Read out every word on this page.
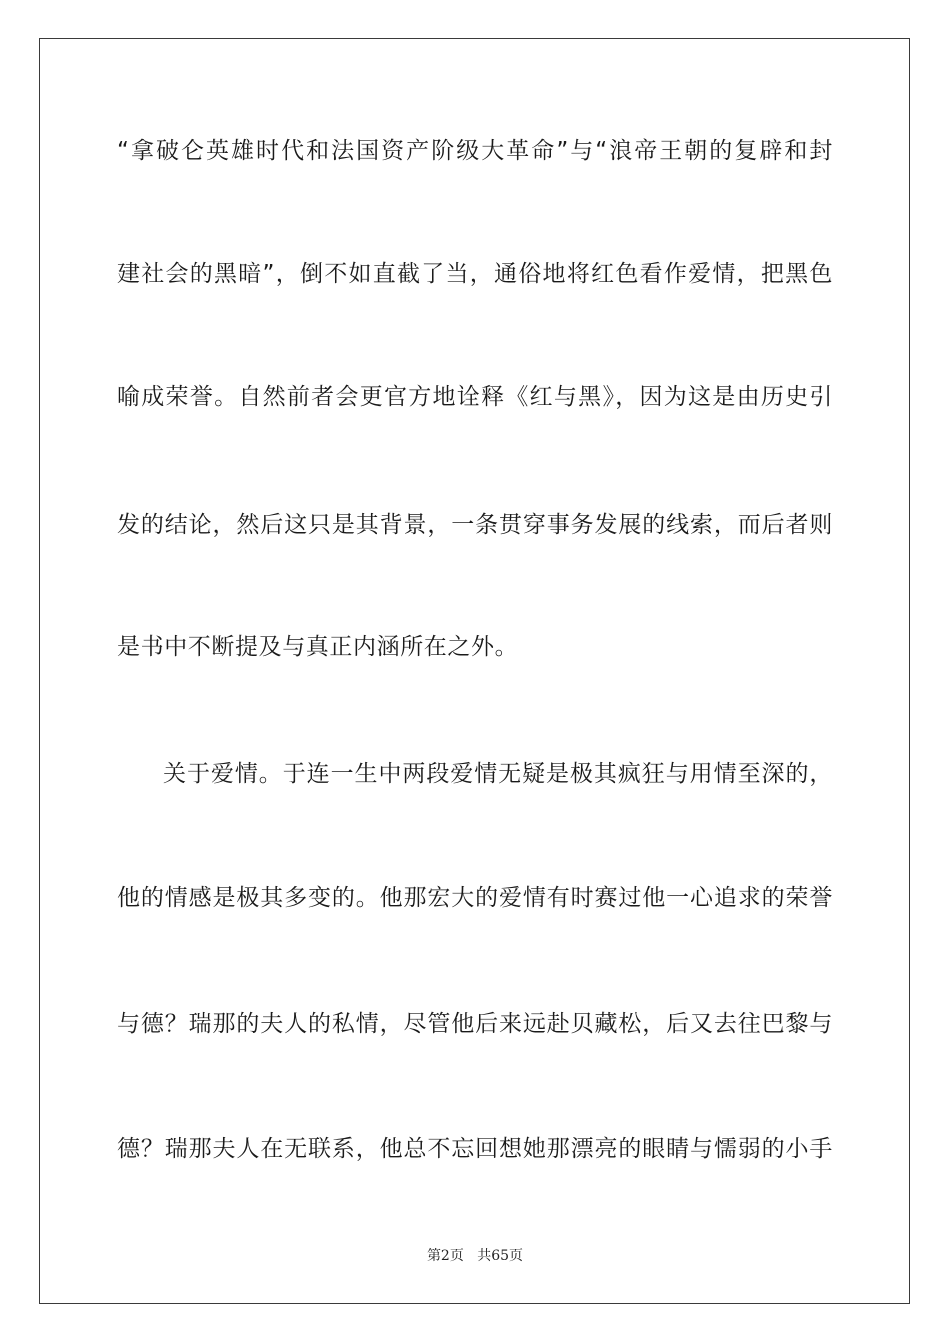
“拿破仑英雄时代和法国资产阶级大革命”与“浪帝王朝的复辟和封
建社会的黑暗”，倒不如直截了当，通俗地将红色看作爱情，把黑色
喻成荣誉。自然前者会更官方地诠释《红与黑》，因为这是由历史引
发的结论，然后这只是其背景，一条贯穿事务发展的线索，而后者则
是书中不断提及与真正内涵所在之外。
关于爱情。于连一生中两段爱情无疑是极其疯狂与用情至深的，
他的情感是极其多变的。他那宏大的爱情有时赛过他一心追求的荣誉
与德？瑞那的夫人的私情，尽管他后来远赴贝藏松，后又去往巴黎与
德？瑞那夫人在无联系，他总不忘回想她那漂亮的眼睛与懦弱的小手
第2页 共65页
